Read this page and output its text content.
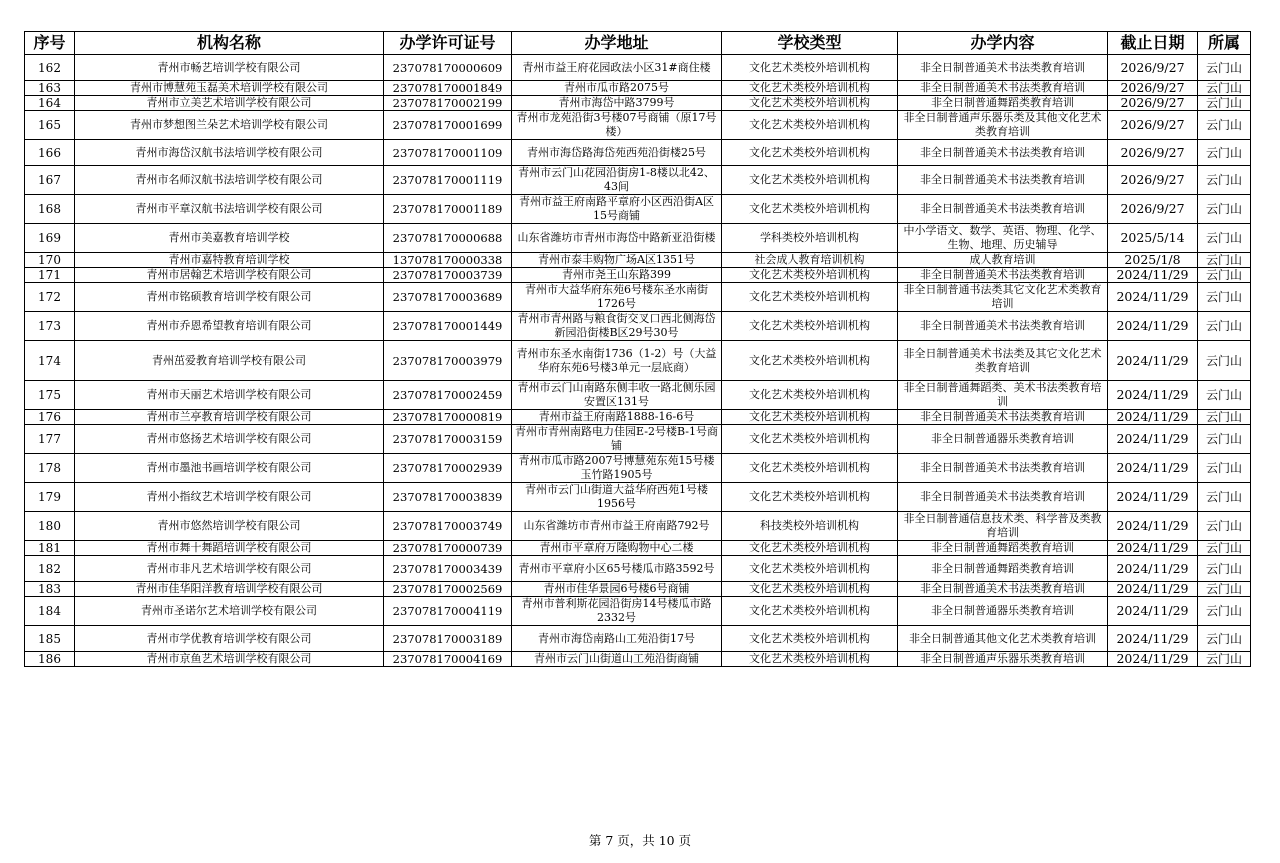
序号	机构名称	办学许可证号	办学地址	学校类型	办学内容	截止日期	所属
162	青州市畅艺培训学校有限公司	237078170000609	青州市益王府花园政法小区31#商住楼	文化艺术类校外培训机构	非全日制普通美术书法类教育培训	2026/9/27	云门山
163	青州市博慧苑玉磊美术培训学校有限公司	237078170001849	青州市瓜市路2075号	文化艺术类校外培训机构	非全日制普通美术书法类教育培训	2026/9/27	云门山
164	青州市立美艺术培训学校有限公司	237078170002199	青州市海岱中路3799号	文化艺术类校外培训机构	非全日制普通舞蹈类教育培训	2026/9/27	云门山
165	青州市梦想图兰朵艺术培训学校有限公司	237078170001699	青州市龙苑沿街3号楼07号商铺（原17号楼）	文化艺术类校外培训机构	非全日制普通声乐器乐类及其他文化艺术类教育培训	2026/9/27	云门山
166	青州市海岱汉航书法培训学校有限公司	237078170001109	青州市海岱路海岱苑西苑沿街楼25号	文化艺术类校外培训机构	非全日制普通美术书法类教育培训	2026/9/27	云门山
167	青州市名师汉航书法培训学校有限公司	237078170001119	青州市云门山花园沿街房1-8楼以北42、43间	文化艺术类校外培训机构	非全日制普通美术书法类教育培训	2026/9/27	云门山
168	青州市平章汉航书法培训学校有限公司	237078170001189	青州市益王府南路平章府小区西沿街A区15号商铺	文化艺术类校外培训机构	非全日制普通美术书法类教育培训	2026/9/27	云门山
169	青州市美嘉教育培训学校	237078170000688	山东省潍坊市青州市海岱中路新亚沿街楼	学科类校外培训机构	中小学语文、数学、英语、物理、化学、生物、地理、历史辅导	2025/5/14	云门山
170	青州市嘉特教育培训学校	137078170000338	青州市泰丰购物广场A区1351号	社会成人教育培训机构	成人教育培训	2025/1/8	云门山
171	青州市居翰艺术培训学校有限公司	237078170003739	青州市尧王山东路399	文化艺术类校外培训机构	非全日制普通美术书法类教育培训	2024/11/29	云门山
172	青州市铭硕教育培训学校有限公司	237078170003689	青州市大益华府东苑6号楼东圣水南街1726号	文化艺术类校外培训机构	非全日制普通书法类其它文化艺术类教育培训	2024/11/29	云门山
173	青州市乔恩希望教育培训有限公司	237078170001449	青州市青州路与粮食街交叉口西北侧海岱新园沿街楼B区29号30号	文化艺术类校外培训机构	非全日制普通美术书法类教育培训	2024/11/29	云门山
174	青州茁爱教育培训学校有限公司	237078170003979	青州市东圣水南街1736（1-2）号（大益华府东苑6号楼3单元一层底商）	文化艺术类校外培训机构	非全日制普通美术书法类及其它文化艺术类教育培训	2024/11/29	云门山
175	青州市天丽艺术培训学校有限公司	237078170002459	青州市云门山南路东侧丰收一路北侧乐园安置区131号	文化艺术类校外培训机构	非全日制普通舞蹈类、美术书法类教育培训	2024/11/29	云门山
176	青州市兰亭教育培训学校有限公司	237078170000819	青州市益王府南路1888-16-6号	文化艺术类校外培训机构	非全日制普通美术书法类教育培训	2024/11/29	云门山
177	青州市悠扬艺术培训学校有限公司	237078170003159	青州市青州南路电力佳园E-2号楼B-1号商铺	文化艺术类校外培训机构	非全日制普通器乐类教育培训	2024/11/29	云门山
178	青州市墨池书画培训学校有限公司	237078170002939	青州市瓜市路2007号博慧苑东苑15号楼玉竹路1905号	文化艺术类校外培训机构	非全日制普通美术书法类教育培训	2024/11/29	云门山
179	青州小指纹艺术培训学校有限公司	237078170003839	青州市云门山街道大益华府西苑1号楼1956号	文化艺术类校外培训机构	非全日制普通美术书法类教育培训	2024/11/29	云门山
180	青州市悠然培训学校有限公司	237078170003749	山东省潍坊市青州市益王府南路792号	科技类校外培训机构	非全日制普通信息技术类、科学普及类教育培训	2024/11/29	云门山
181	青州市舞十舞蹈培训学校有限公司	237078170000739	青州市平章府万隆购物中心二楼	文化艺术类校外培训机构	非全日制普通舞蹈类教育培训	2024/11/29	云门山
182	青州市非凡艺术培训学校有限公司	237078170003439	青州市平章府小区65号楼瓜市路3592号	文化艺术类校外培训机构	非全日制普通舞蹈类教育培训	2024/11/29	云门山
183	青州市佳华阳洋教育培训学校有限公司	237078170002569	青州市佳华景园6号楼6号商铺	文化艺术类校外培训机构	非全日制普通美术书法类教育培训	2024/11/29	云门山
184	青州市圣诺尔艺术培训学校有限公司	237078170004119	青州市普利斯花园沿街房14号楼瓜市路2332号	文化艺术类校外培训机构	非全日制普通器乐类教育培训	2024/11/29	云门山
185	青州市学优教育培训学校有限公司	237078170003189	青州市海岱南路山工苑沿街17号	文化艺术类校外培训机构	非全日制普通其他文化艺术类教育培训	2024/11/29	云门山
186	青州市京鱼艺术培训学校有限公司	237078170004169	青州市云门山街道山工苑沿街商铺	文化艺术类校外培训机构	非全日制普通声乐器乐类教育培训	2024/11/29	云门山
第 7 页，共 10 页
